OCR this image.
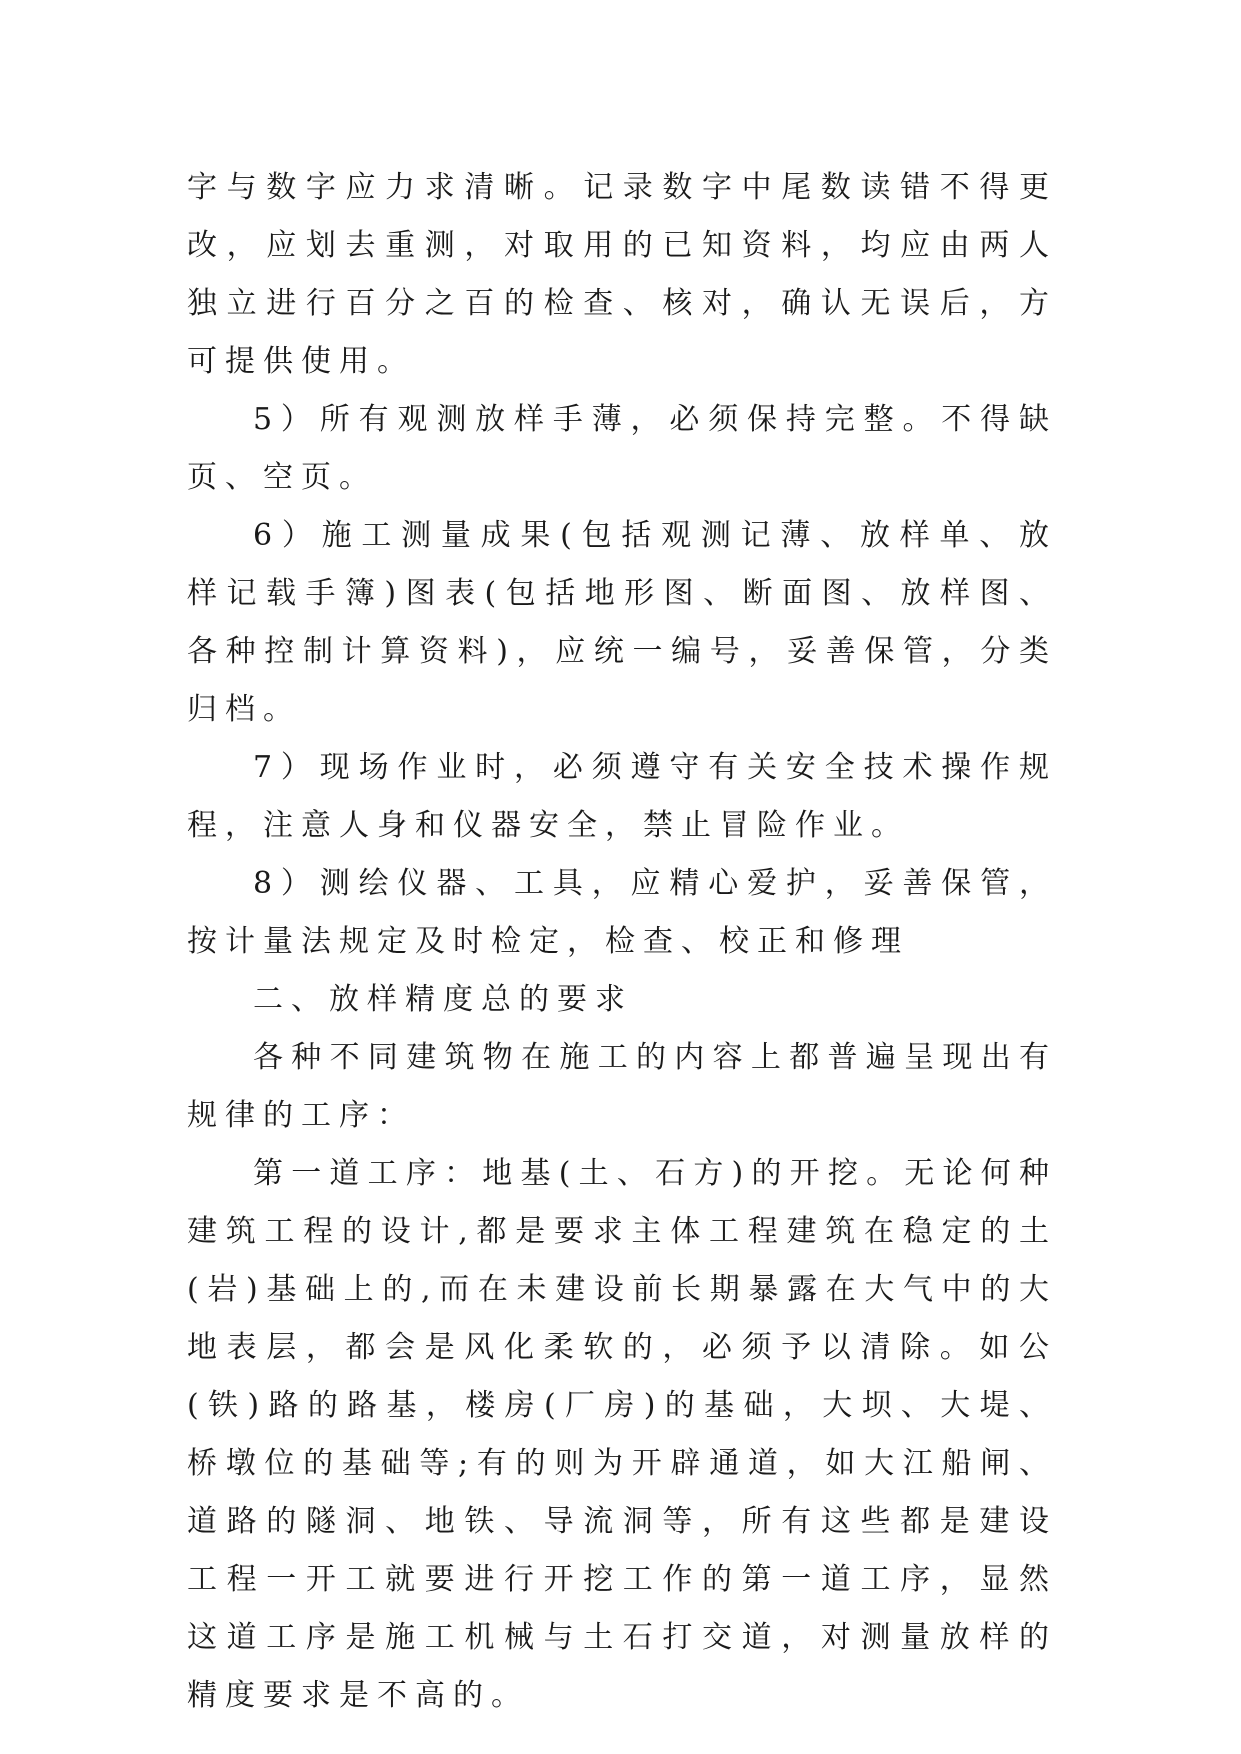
字与数字应力求清晰。记录数字中尾数读错不得更改，应划去重测，对取用的已知资料，均应由两人独立进行百分之百的检查、核对，确认无误后，方可提供使用。

5）所有观测放样手薄，必须保持完整。不得缺页、空页。

6）施工测量成果(包括观测记薄、放样单、放样记载手簿)图表(包括地形图、断面图、放样图、各种控制计算资料)，应统一编号，妥善保管，分类归档。

7）现场作业时，必须遵守有关安全技术操作规程，注意人身和仪器安全，禁止冒险作业。

8）测绘仪器、工具，应精心爱护，妥善保管，按计量法规定及时检定，检查、校正和修理

二、放样精度总的要求

各种不同建筑物在施工的内容上都普遍呈现出有规律的工序：

第一道工序：地基(土、石方)的开挖。无论何种建筑工程的设计,都是要求主体工程建筑在稳定的土(岩)基础上的,而在未建设前长期暴露在大气中的大地表层，都会是风化柔软的，必须予以清除。如公(铁)路的路基，楼房(厂房)的基础，大坝、大堤、桥墩位的基础等;有的则为开辟通道，如大江船闸、道路的隧洞、地铁、导流洞等，所有这些都是建设工程一开工就要进行开挖工作的第一道工序，显然这道工序是施工机械与土石打交道，对测量放样的精度要求是不高的。
